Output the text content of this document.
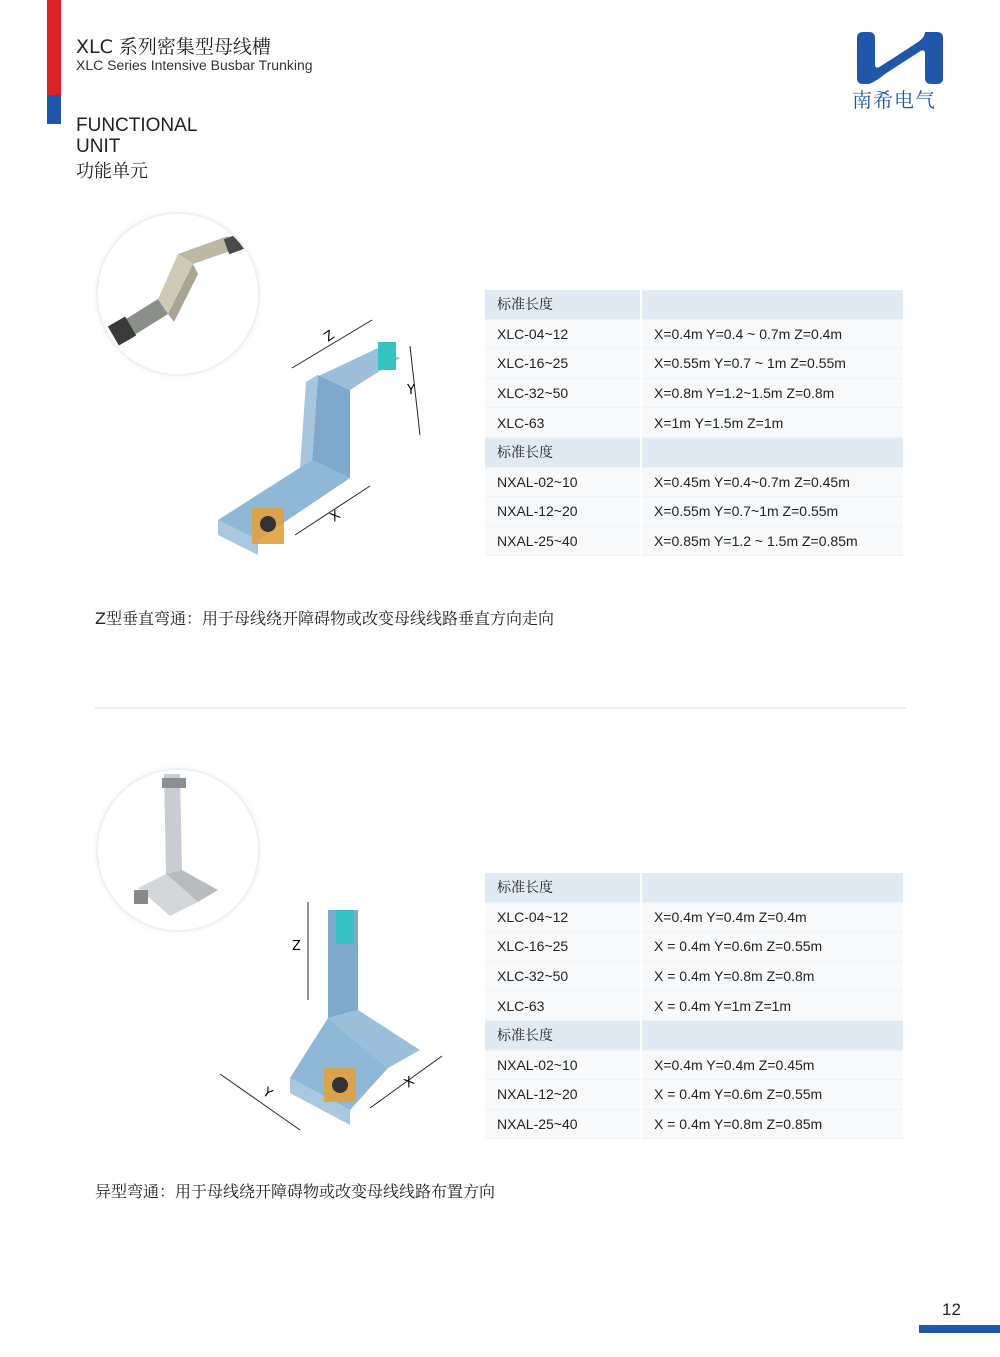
XLC 系列密集型母线槽
XLC Series Intensive Busbar Trunking
FUNCTIONAL
UNIT
功能单元
南希电气
Z
Y
X
标准长度	
XLC-04~12	X=0.4m Y=0.4 ~ 0.7m Z=0.4m
XLC-16~25	X=0.55m Y=0.7 ~ 1m Z=0.55m
XLC-32~50	X=0.8m Y=1.2~1.5m Z=0.8m
XLC-63	X=1m Y=1.5m Z=1m
标准长度	
NXAL-02~10	X=0.45m Y=0.4~0.7m Z=0.45m
NXAL-12~20	X=0.55m Y=0.7~1m Z=0.55m
NXAL-25~40	X=0.85m Y=1.2 ~ 1.5m Z=0.85m
Z型垂直弯通：用于母线绕开障碍物或改变母线线路垂直方向走向
Z
Y
X
标准长度	
XLC-04~12	X=0.4m Y=0.4m Z=0.4m
XLC-16~25	X = 0.4m Y=0.6m Z=0.55m
XLC-32~50	X = 0.4m Y=0.8m Z=0.8m
XLC-63	X = 0.4m Y=1m Z=1m
标准长度	
NXAL-02~10	X=0.4m Y=0.4m Z=0.45m
NXAL-12~20	X = 0.4m Y=0.6m Z=0.55m
NXAL-25~40	X = 0.4m Y=0.8m Z=0.85m
异型弯通：用于母线绕开障碍物或改变母线线路布置方向
12
